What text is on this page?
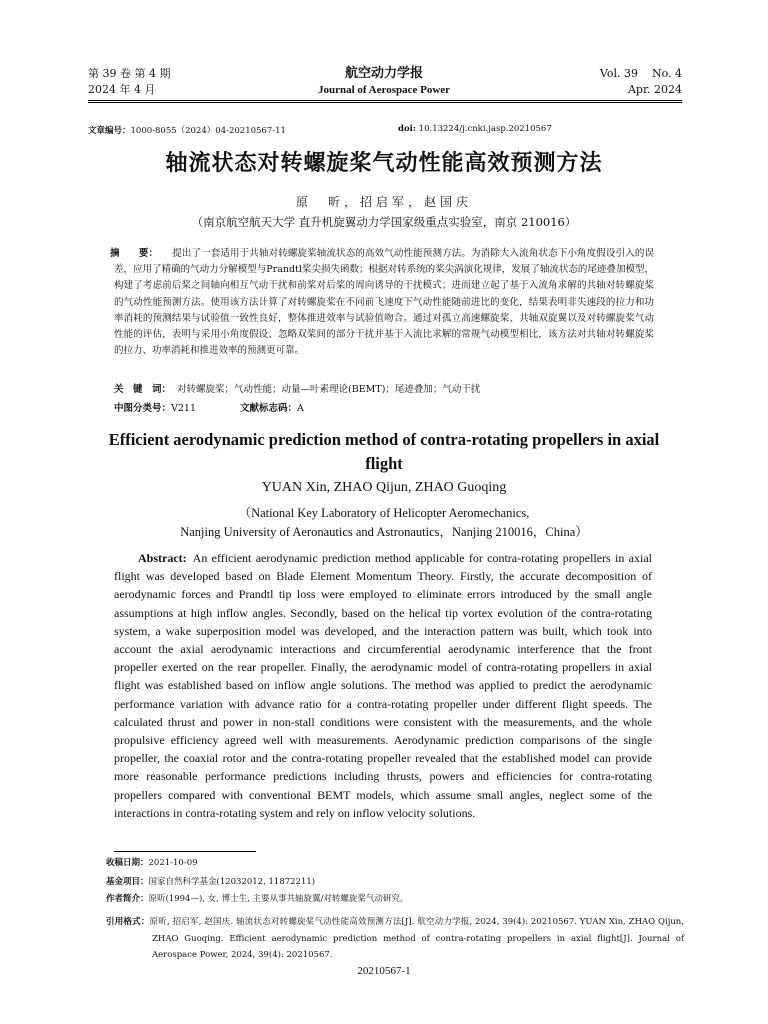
第 39 卷 第 4 期
2024 年 4 月
航空动力学报
Journal of Aerospace Power
Vol. 39    No. 4
Apr. 2024
文章编号：1000-8055（2024）04-20210567-11	doi: 10.13224/j.cnki.jasp.20210567
轴流状态对转螺旋桨气动性能高效预测方法
原　昕，招启军，赵国庆
（南京航空航天大学 直升机旋翼动力学国家级重点实验室，南京 210016）
摘　　要： 提出了一套适用于共轴对转螺旋桨轴流状态的高效气动性能预测方法。为消除大入流角状态下小角度假设引入的误差，应用了精确的气动力分解模型与Prandtl桨尖损失函数；根据对转系统的桨尖涡演化规律，发展了轴流状态的尾迹叠加模型，构建了考虑前后桨之间轴向相互气动干扰和前桨对后桨的周向诱导的干扰模式；进而建立起了基于入流角求解的共轴对转螺旋桨的气动性能预测方法。使用该方法计算了对转螺旋桨在不同前飞速度下气动性能随前进比的变化，结果表明非失速段的拉力和功率消耗的预测结果与试验值一致性良好，整体推进效率与试验值吻合。通过对孤立高速螺旋桨、共轴双旋翼以及对转螺旋桨气动性能的评估，表明与采用小角度假设、忽略双桨间的部分干扰并基于入流比求解的常规气动模型相比，该方法对共轴对转螺旋桨的拉力、功率消耗和推进效率的预测更可靠。
关　键　词： 对转螺旋桨；气动性能；动量—叶素理论(BEMT)；尾迹叠加；气动干扰
中图分类号：V211	文献标志码：A
Efficient aerodynamic prediction method of contra-rotating propellers in axial flight
YUAN Xin, ZHAO Qijun, ZHAO Guoqing
（National Key Laboratory of Helicopter Aeromechanics,
Nanjing University of Aeronautics and Astronautics，Nanjing 210016，China）
Abstract: An efficient aerodynamic prediction method applicable for contra-rotating propellers in axial flight was developed based on Blade Element Momentum Theory. Firstly, the accurate decomposition of aerodynamic forces and Prandtl tip loss were employed to eliminate errors introduced by the small angle assumptions at high inflow angles. Secondly, based on the helical tip vortex evolution of the contra-rotating system, a wake superposition model was developed, and the interaction pattern was built, which took into account the axial aerodynamic interactions and circumferential aerodynamic interference that the front propeller exerted on the rear propeller. Finally, the aerodynamic model of contra-rotating propellers in axial flight was established based on inflow angle solutions. The method was applied to predict the aerodynamic performance variation with advance ratio for a contra-rotating propeller under different flight speeds. The calculated thrust and power in non-stall conditions were consistent with the measurements, and the whole propulsive efficiency agreed well with measurements. Aerodynamic prediction comparisons of the single propeller, the coaxial rotor and the contra-rotating propeller revealed that the established model can provide more reasonable performance predictions including thrusts, powers and efficiencies for contra-rotating propellers compared with conventional BEMT models, which assume small angles, neglect some of the interactions in contra-rotating system and rely on inflow velocity solutions.
收稿日期：2021-10-09
基金项目：国家自然科学基金(12032012, 11872211)
作者简介：原昕(1994—), 女, 博士生, 主要从事共轴旋翼/对转螺旋桨气动研究。
引用格式：原昕, 招启军, 赵国庆. 轴流状态对转螺旋桨气动性能高效预测方法[J]. 航空动力学报, 2024, 39(4): 20210567. YUAN Xin, ZHAO Qijun, ZHAO Guoqing. Efficient aerodynamic prediction method of contra-rotating propellers in axial flight[J]. Journal of Aerospace Power, 2024, 39(4): 20210567.
20210567-1
